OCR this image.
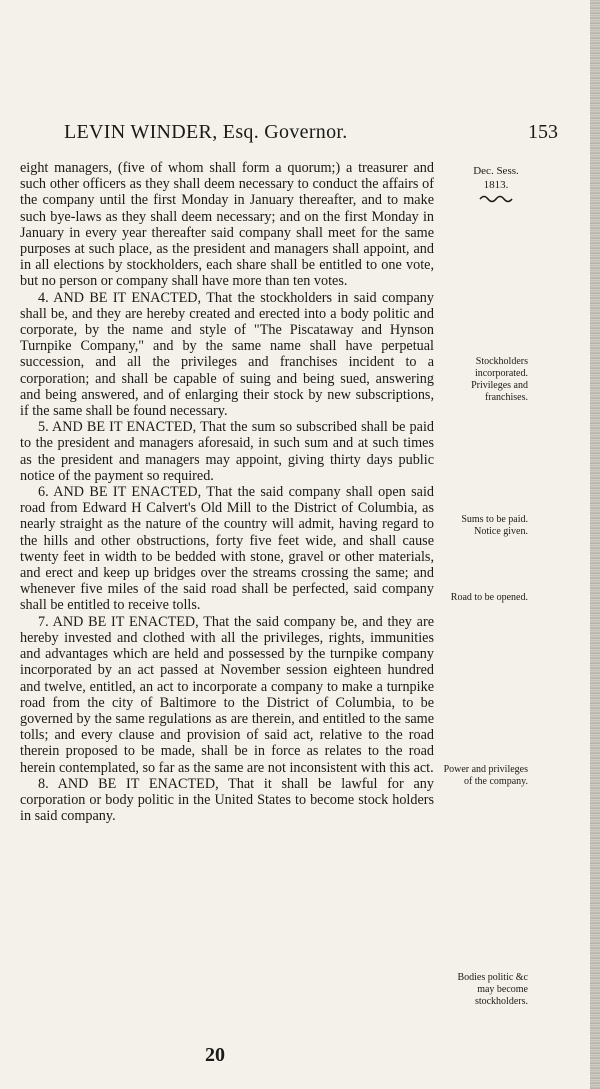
LEVIN WINDER, Esq. Governor.	153
Dec. Sess.
1813.

eight managers, (five of whom shall form a quorum;) a treasurer and such other officers as they shall deem necessary to conduct the affairs of the company until the first Monday in January thereafter, and to make such bye-laws as they shall deem necessary; and on the first Monday in January in every year thereafter said company shall meet for the same purposes at such place, as the president and managers shall appoint, and in all elections by stockholders, each share shall be entitled to one vote, but no person or company shall have more than ten votes.

4. AND BE IT ENACTED, That the stockholders in said company shall be, and they are hereby created and erected into a body politic and corporate, by the name and style of "The Piscataway and Hynson Turnpike Company," and by the same name shall have perpetual succession, and all the privileges and franchises incident to a corporation; and shall be capable of suing and being sued, answering and being answered, and of enlarging their stock by new subscriptions, if the same shall be found necessary.

5. AND BE IT ENACTED, That the sum so subscribed shall be paid to the president and managers aforesaid, in such sum and at such times as the president and managers may appoint, giving thirty days public notice of the payment so required.

6. AND BE IT ENACTED, That the said company shall open said road from Edward H Calvert's Old Mill to the District of Columbia, as nearly straight as the nature of the country will admit, having regard to the hills and other obstructions, forty five feet wide, and shall cause twenty feet in width to be bedded with stone, gravel or other materials, and erect and keep up bridges over the streams crossing the same; and whenever five miles of the said road shall be perfected, said company shall be entitled to receive tolls.

7. AND BE IT ENACTED, That the said company be, and they are hereby invested and clothed with all the privileges, rights, immunities and advantages which are held and possessed by the turnpike company incorporated by an act passed at November session eighteen hundred and twelve, entitled, an act to incorporate a company to make a turnpike road from the city of Baltimore to the District of Columbia, to be governed by the same regulations as are therein, and entitled to the same tolls; and every clause and provision of said act, relative to the road therein proposed to be made, shall be in force as relates to the road herein contemplated, so far as the same are not inconsistent with this act.

8. AND BE IT ENACTED, That it shall be lawful for any corporation or body politic in the United States to become stock holders in said company.

Stockholders incorporated. Privileges and franchises.
Sums to be paid. Notice given.
Road to be opened.
Power and privileges of the company.
Bodies politic &c may become stockholders.
20
